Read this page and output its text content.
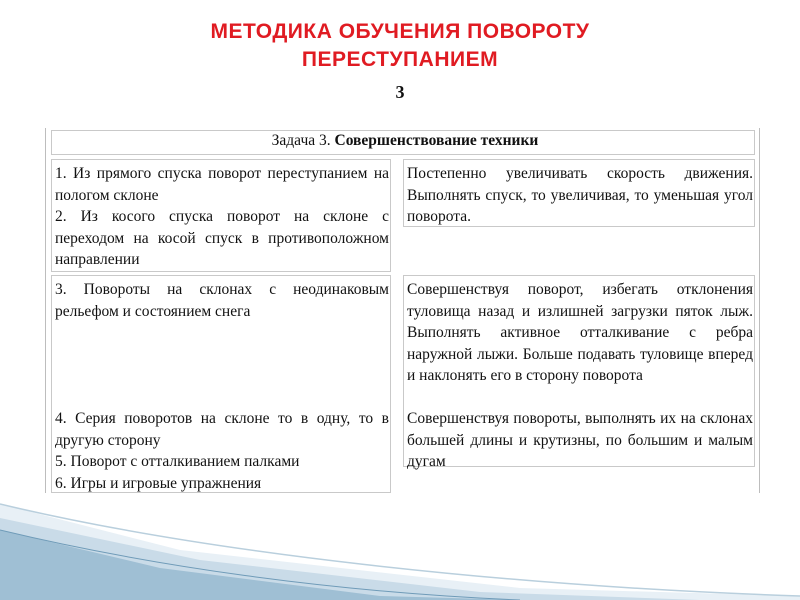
МЕТОДИКА ОБУЧЕНИЯ ПОВОРОТУ
ПЕРЕСТУПАНИЕМ
3
Задача 3. Совершенствование техники

1. Из прямого спуска поворот переступанием на пологом склоне

2. Из косого спуска поворот на склоне с переходом на косой спуск в противоположном направлении

Постепенно увеличивать скорость движения. Выполнять спуск, то увеличивая, то уменьшая угол поворота.

3. Повороты на склонах с неодинаковым рельефом и состоянием снега

Совершенствуя поворот, избегать отклонения туловища назад и излишней загрузки пяток лыж. Выполнять активное отталкивание с ребра наружной лыжи. Больше подавать туловище вперед и наклонять его в сторону поворота

4. Серия поворотов на склоне то в одну, то в другую сторону

5. Поворот с отталкиванием палками

6. Игры и игровые упражнения

Совершенствуя повороты, выполнять их на склонах большей длины и крутизны, по большим и малым дугам
